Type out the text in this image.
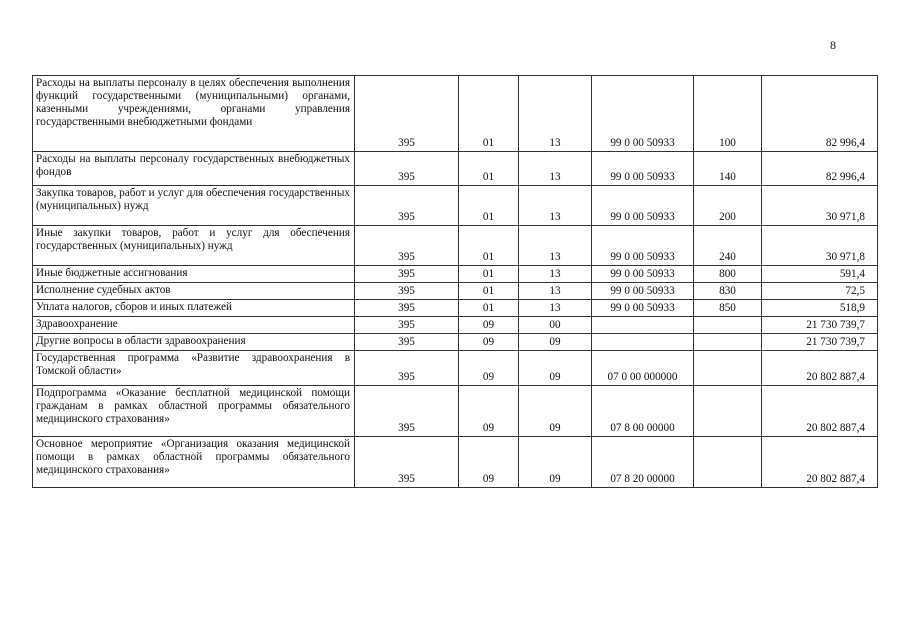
8
Расходы на выплаты персоналу в целях обеспечения выполнения функций государственными (муниципальными) органами, казенными учреждениями, органами управления государственными внебюджетными фондами	395	01	13	99 0 00 50933	100	82 996,4
Расходы на выплаты персоналу государственных внебюджетных фондов	395	01	13	99 0 00 50933	140	82 996,4
Закупка товаров, работ и услуг для обеспечения государственных (муниципальных) нужд	395	01	13	99 0 00 50933	200	30 971,8
Иные закупки товаров, работ и услуг для обеспечения государственных (муниципальных) нужд	395	01	13	99 0 00 50933	240	30 971,8
Иные бюджетные ассигнования	395	01	13	99 0 00 50933	800	591,4
Исполнение судебных актов	395	01	13	99 0 00 50933	830	72,5
Уплата налогов, сборов и иных платежей	395	01	13	99 0 00 50933	850	518,9
Здравоохранение	395	09	00			21 730 739,7
Другие вопросы в области здравоохранения	395	09	09			21 730 739,7
Государственная программа «Развитие здравоохранения в Томской области»	395	09	09	07 0 00 000000		20 802 887,4
Подпрограмма «Оказание бесплатной медицинской помощи гражданам в рамках областной программы обязательного медицинского страхования»	395	09	09	07 8 00 00000		20 802 887,4
Основное мероприятие «Организация оказания медицинской помощи в рамках областной программы обязательного медицинского страхования»	395	09	09	07 8 20 00000		20 802 887,4
